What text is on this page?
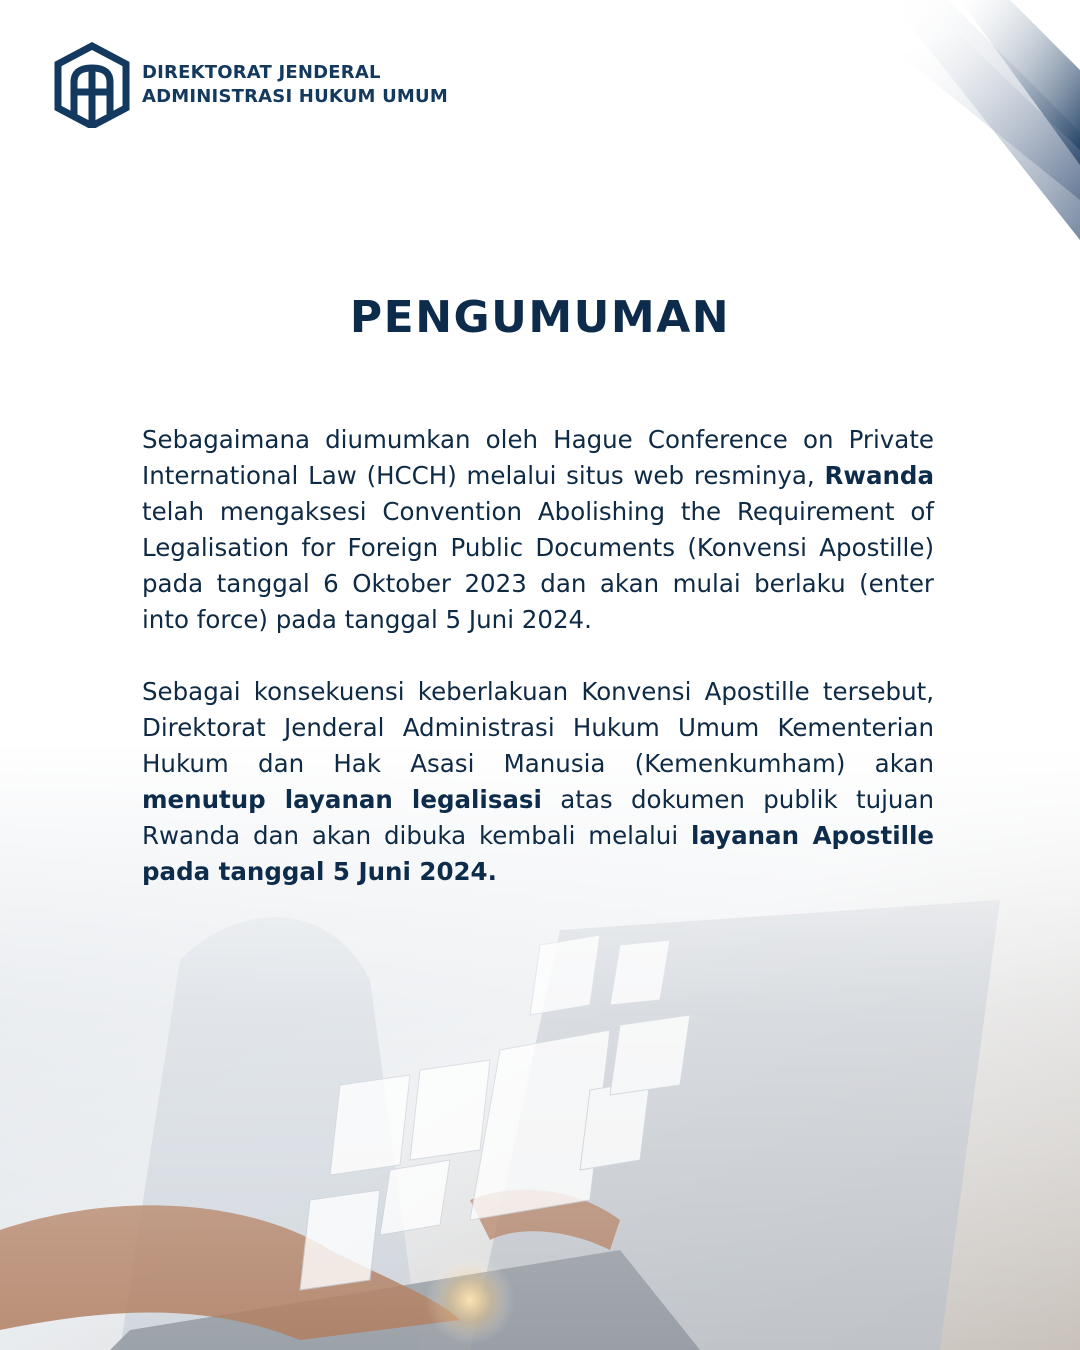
DIREKTORAT JENDERAL
ADMINISTRASI HUKUM UMUM
PENGUMUMAN

Sebagaimana diumumkan oleh Hague Conference on Private International Law (HCCH) melalui situs web resminya, Rwanda telah mengaksesi Convention Abolishing the Requirement of Legalisation for Foreign Public Documents (Konvensi Apostille) pada tanggal 6 Oktober 2023 dan akan mulai berlaku (enter into force) pada tanggal 5 Juni 2024.

Sebagai konsekuensi keberlakuan Konvensi Apostille tersebut, Direktorat Jenderal Administrasi Hukum Umum Kementerian Hukum dan Hak Asasi Manusia (Kemenkumham) akan menutup layanan legalisasi atas dokumen publik tujuan Rwanda dan akan dibuka kembali melalui layanan Apostille pada tanggal 5 Juni 2024.
